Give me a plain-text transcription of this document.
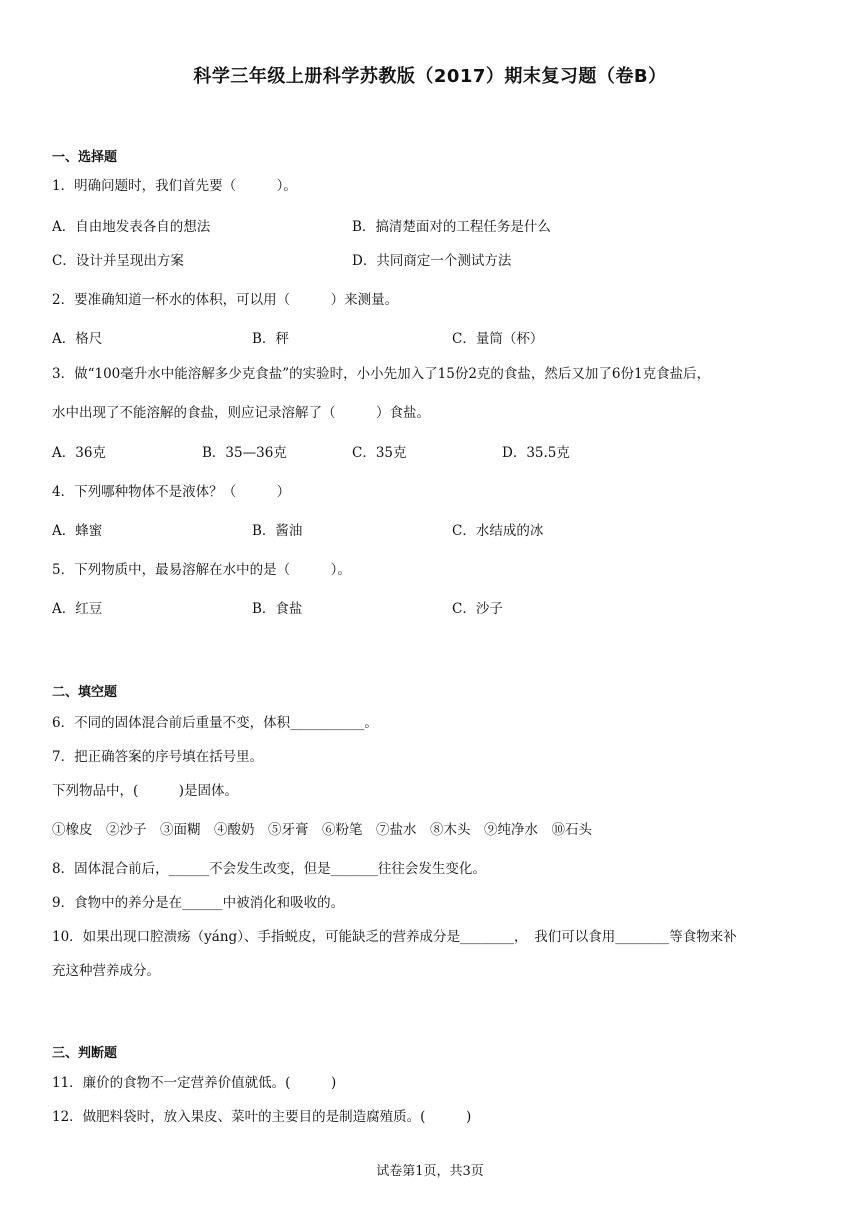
科学三年级上册科学苏教版（2017）期末复习题（卷B）
一、选择题
1．明确问题时，我们首先要（　　　）。
A．自由地发表各自的想法	B．搞清楚面对的工程任务是什么
C．设计并呈现出方案	D．共同商定一个测试方法
2．要准确知道一杯水的体积，可以用（　　　）来测量。
A．格尺	B．秤	C．量筒（杯）
3．做“100毫升水中能溶解多少克食盐”的实验时，小小先加入了15份2克的食盐，然后又加了6份1克食盐后，
水中出现了不能溶解的食盐，则应记录溶解了（　　　）食盐。
A．36克	B．35—36克	C．35克	D．35.5克
4．下列哪种物体不是液体？（　　　）
A．蜂蜜	B．酱油	C．水结成的冰
5．下列物质中，最易溶解在水中的是（　　　）。
A．红豆	B．食盐	C．沙子
二、填空题
6．不同的固体混合前后重量不变，体积___________。
7．把正确答案的序号填在括号里。
下列物品中，(　　　)是固体。
①橡皮　②沙子　③面糊　④酸奶　⑤牙膏　⑥粉笔　⑦盐水　⑧木头　⑨纯净水　⑩石头
8．固体混合前后，______不会发生改变，但是_______往往会发生变化。
9．食物中的养分是在______中被消化和吸收的。
10．如果出现口腔溃疡（yáng）、手指蜕皮，可能缺乏的营养成分是________，　我们可以食用________等食物来补
充这种营养成分。
三、判断题
11．廉价的食物不一定营养价值就低。(　　　)
12．做肥料袋时，放入果皮、菜叶的主要目的是制造腐殖质。(　　　)
试卷第1页，共3页
